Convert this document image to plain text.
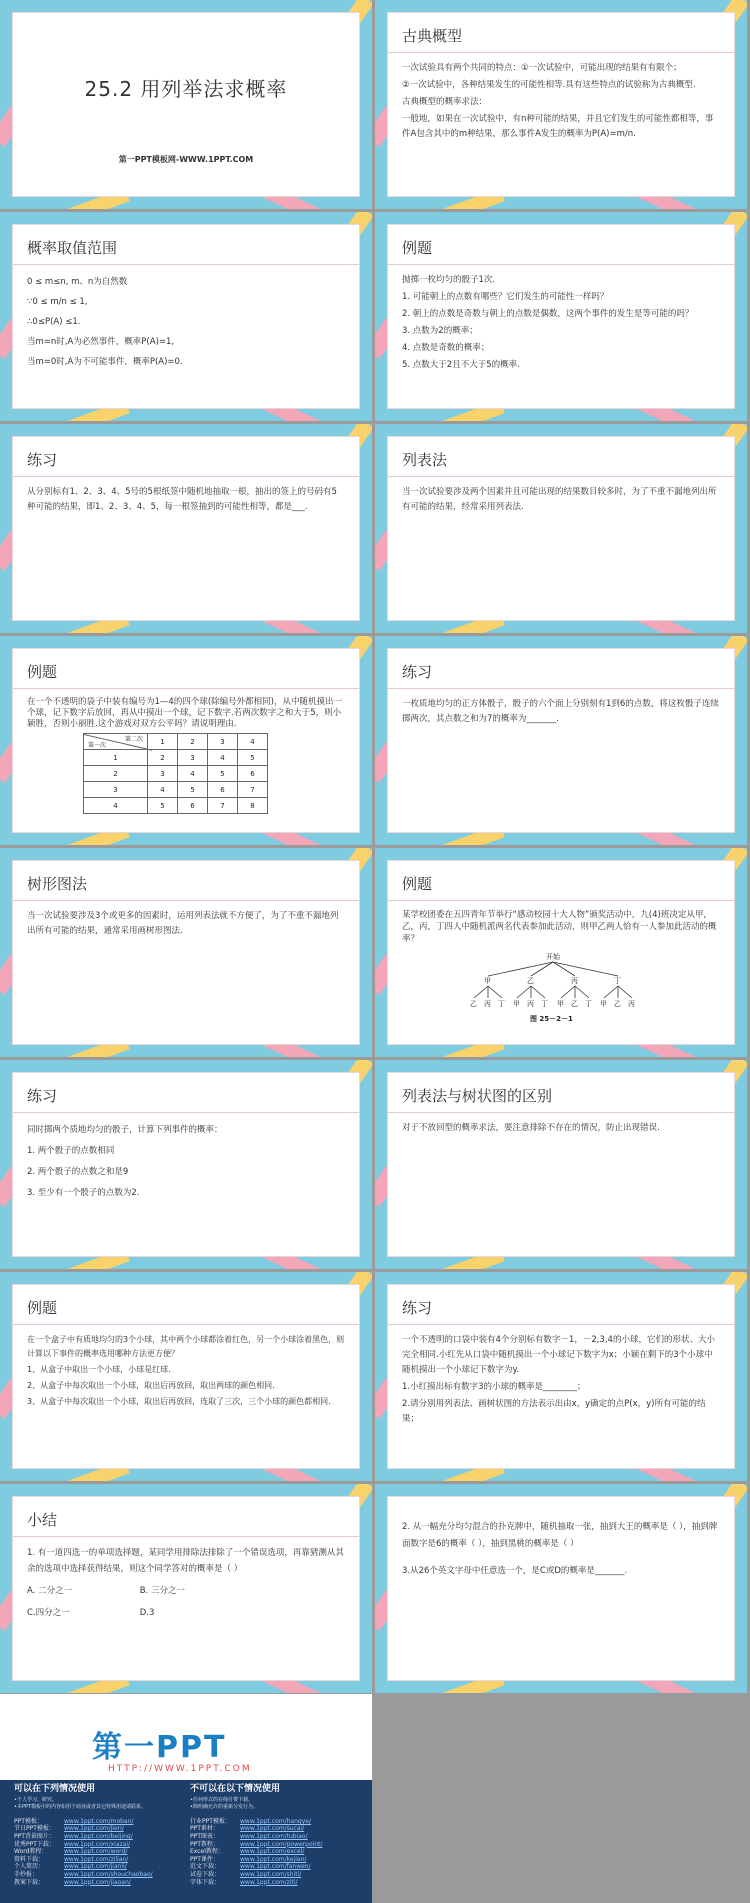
25.2 用列举法求概率
第一PPT模板网-WWW.1PPT.COM
古典概型

一次试验具有两个共同的特点：①一次试验中，可能出现的结果有有限个；

②一次试验中，各种结果发生的可能性相等.具有这些特点的试验称为古典概型.

古典概型的概率求法：

一般地，如果在一次试验中，有n种可能的结果，并且它们发生的可能性都相等，事件A包含其中的m种结果，那么事件A发生的概率为P(A)=m/n.

概率取值范围

0 ≤ m≤n, m、n为自然数

∵0 ≤ m/n ≤ 1,

∴0≤P(A) ≤1.

当m=n时,A为必然事件，概率P(A)=1,

当m=0时,A为不可能事件，概率P(A)=0.

例题

抛掷一枚均匀的骰子1次.

1. 可能朝上的点数有哪些？它们发生的可能性一样吗？

2. 朝上的点数是奇数与朝上的点数是偶数，这两个事件的发生是等可能的吗？

3. 点数为2的概率；

4. 点数是奇数的概率；

5. 点数大于2且不大于5的概率.

练习

从分别标有1、2、3、4、5号的5根纸签中随机地抽取一根，抽出的签上的号码有5种可能的结果，即1、2、3、4、5，每一根签抽到的可能性相等，都是___.

列表法

当一次试验要涉及两个因素并且可能出现的结果数目较多时，为了不重不漏地列出所有可能的结果，经常采用列表法.

例题

在一个不透明的袋子中装有编号为1—4的四个球(除编号外都相同)，从中随机摸出一个球，记下数字后放回，再从中摸出一个球，记下数字.若两次数字之和大于5，则小颖胜，否则小丽胜.这个游戏对双方公平吗？请说明理由.

第二次
第一次	1	2	3	4
1	2	3	4	5
2	3	4	5	6
3	4	5	6	7
4	5	6	7	8
练习

一枚质地均匀的正方体骰子，骰子的六个面上分别刻有1到6的点数，将这枚骰子连续掷两次，其点数之和为7的概率为_______.

树形图法

当一次试验要涉及3个或更多的因素时，运用列表法就不方便了，为了不重不漏地列出所有可能的结果，通常采用画树形图法.

例题

某学校团委在五四青年节举行“感动校园十大人物”颁奖活动中，九(4)班决定从甲，乙，丙，丁四人中随机派两名代表参加此活动，则甲乙两人恰有一人参加此活动的概率？

开始
甲	乙	丙	丁
乙 丙 丁 甲 丙 丁 甲 乙 丁 甲 乙 丙
图 25－2－1
练习

同时掷两个质地均匀的骰子，计算下列事件的概率：

1. 两个骰子的点数相同

2. 两个骰子的点数之和是9

3. 至少有一个骰子的点数为2.

列表法与树状图的区别

对于不放回型的概率求法，要注意排除不存在的情况，防止出现错误.

例题

在一个盒子中有质地均匀的3个小球，其中两个小球都涂着红色，另一个小球涂着黑色，则计算以下事件的概率选用哪种方法更方便？

1、从盒子中取出一个小球，小球是红球.

2、从盒子中每次取出一个小球，取出后再放回，取出两球的颜色相同.

3、从盒子中每次取出一个小球，取出后再放回，连取了三次，三个小球的颜色都相同.

练习

一个不透明的口袋中装有4个分别标有数字－1，－2,3,4的小球，它们的形状、大小完全相同.小红先从口袋中随机摸出一个小球记下数字为x；小颖在剩下的3个小球中随机摸出一个小球记下数字为y.

1.小红摸出标有数字3的小球的概率是________；

2.请分别用列表法、画树状图的方法表示出由x，y确定的点P(x，y)所有可能的结果；

小结

1. 有一道四选一的单项选择题，某同学用排除法排除了一个错误选项，再靠猜测从其余的选项中选择获得结果，则这个同学答对的概率是（ ）

A. 二分之一	B. 三分之一

C.四分之一	D.3

2. 从一幅充分均匀混合的扑克牌中，随机抽取一张，抽到大王的概率是（ ），抽到牌面数字是6的概率（ ），抽到黑桃的概率是（ ）

3.从26个英文字母中任意选一个，是C或D的概率是_______.

第一PPT
HTTP://WWW.1PPT.COM
可以在下列情况使用
•个人学习、研究。
•本PPT模板中的内容如用于商业或者其它特殊用途请联系。
PPT模板：	www.1ppt.com/moban/
节日PPT模板： www.1ppt.com/jieri/
PPT背景图片： www.1ppt.com/beijing/
优秀PPT下载： www.1ppt.com/xiazai/
Word教程：	www.1ppt.com/word/
资料下载：	www.1ppt.com/ziliao/
个人简历：	www.1ppt.com/jianli/
手抄报：	www.1ppt.com/shouchaobao/
教案下载：	www.1ppt.com/jiaoan/
不可以在以下情况使用
•任何形式的在线付费下载。
•除明确允许的重新分发行为。
行业PPT模板： www.1ppt.com/hangye/
PPT素材：	www.1ppt.com/sucai/
PPT图表：	www.1ppt.com/tubiao/
PPT教程：	www.1ppt.com/powerpoint/
Excel教程：	www.1ppt.com/excel/
PPT课件：	www.1ppt.com/kejian/
范文下载：	www.1ppt.com/fanwen/
试卷下载：	www.1ppt.com/shiti/
字体下载：	www.1ppt.com/ziti/
